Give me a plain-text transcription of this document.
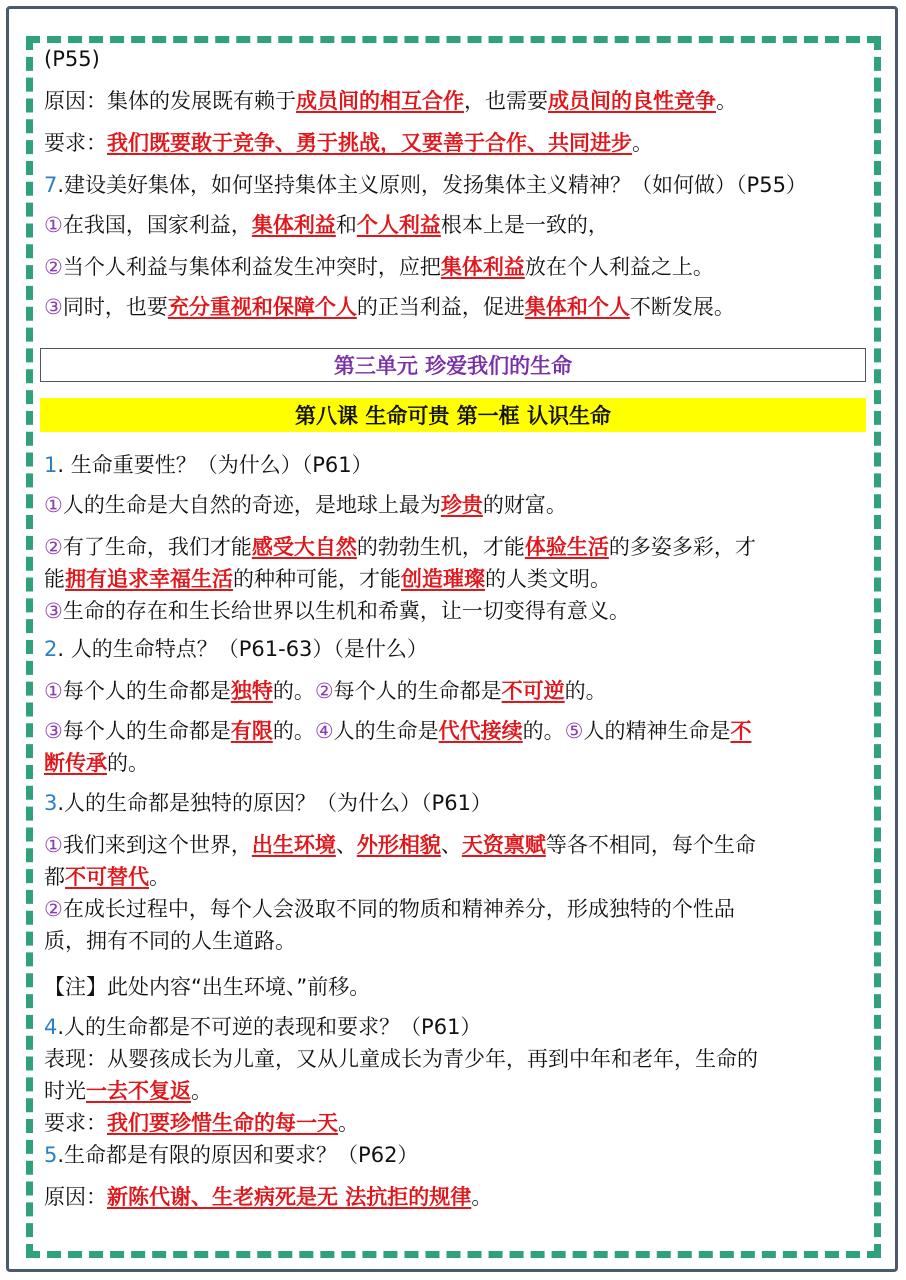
(P55)
原因：集体的发展既有赖于成员间的相互合作，也需要成员间的良性竞争。
要求：我们既要敢于竞争、勇于挑战，又要善于合作、共同进步。
7.建设美好集体，如何坚持集体主义原则，发扬集体主义精神？（如何做）（P55）
①在我国，国家利益，集体利益和个人利益根本上是一致的，
②当个人利益与集体利益发生冲突时，应把集体利益放在个人利益之上。
③同时，也要充分重视和保障个人的正当利益，促进集体和个人不断发展。
第三单元 珍爱我们的生命
第八课 生命可贵 第一框 认识生命
1. 生命重要性？（为什么）（P61）
①人的生命是大自然的奇迹，是地球上最为珍贵的财富。
②有了生命，我们才能感受大自然的勃勃生机，才能体验生活的多姿多彩，才
能拥有追求幸福生活的种种可能，才能创造璀璨的人类文明。
③生命的存在和生长给世界以生机和希冀，让一切变得有意义。
2. 人的生命特点？（P61-63）（是什么）
①每个人的生命都是独特的。②每个人的生命都是不可逆的。
③每个人的生命都是有限的。④人的生命是代代接续的。⑤人的精神生命是不
断传承的。
3.人的生命都是独特的原因？（为什么）（P61）
①我们来到这个世界，出生环境、外形相貌、天资禀赋等各不相同，每个生命
都不可替代。
②在成长过程中，每个人会汲取不同的物质和精神养分，形成独特的个性品
质，拥有不同的人生道路。
【注】此处内容“出生环境、”前移。
4.人的生命都是不可逆的表现和要求？（P61）
表现：从婴孩成长为儿童，又从儿童成长为青少年，再到中年和老年，生命的
时光一去不复返。
要求：我们要珍惜生命的每一天。
5.生命都是有限的原因和要求？（P62）
原因：新陈代谢、生老病死是无 法抗拒的规律。
